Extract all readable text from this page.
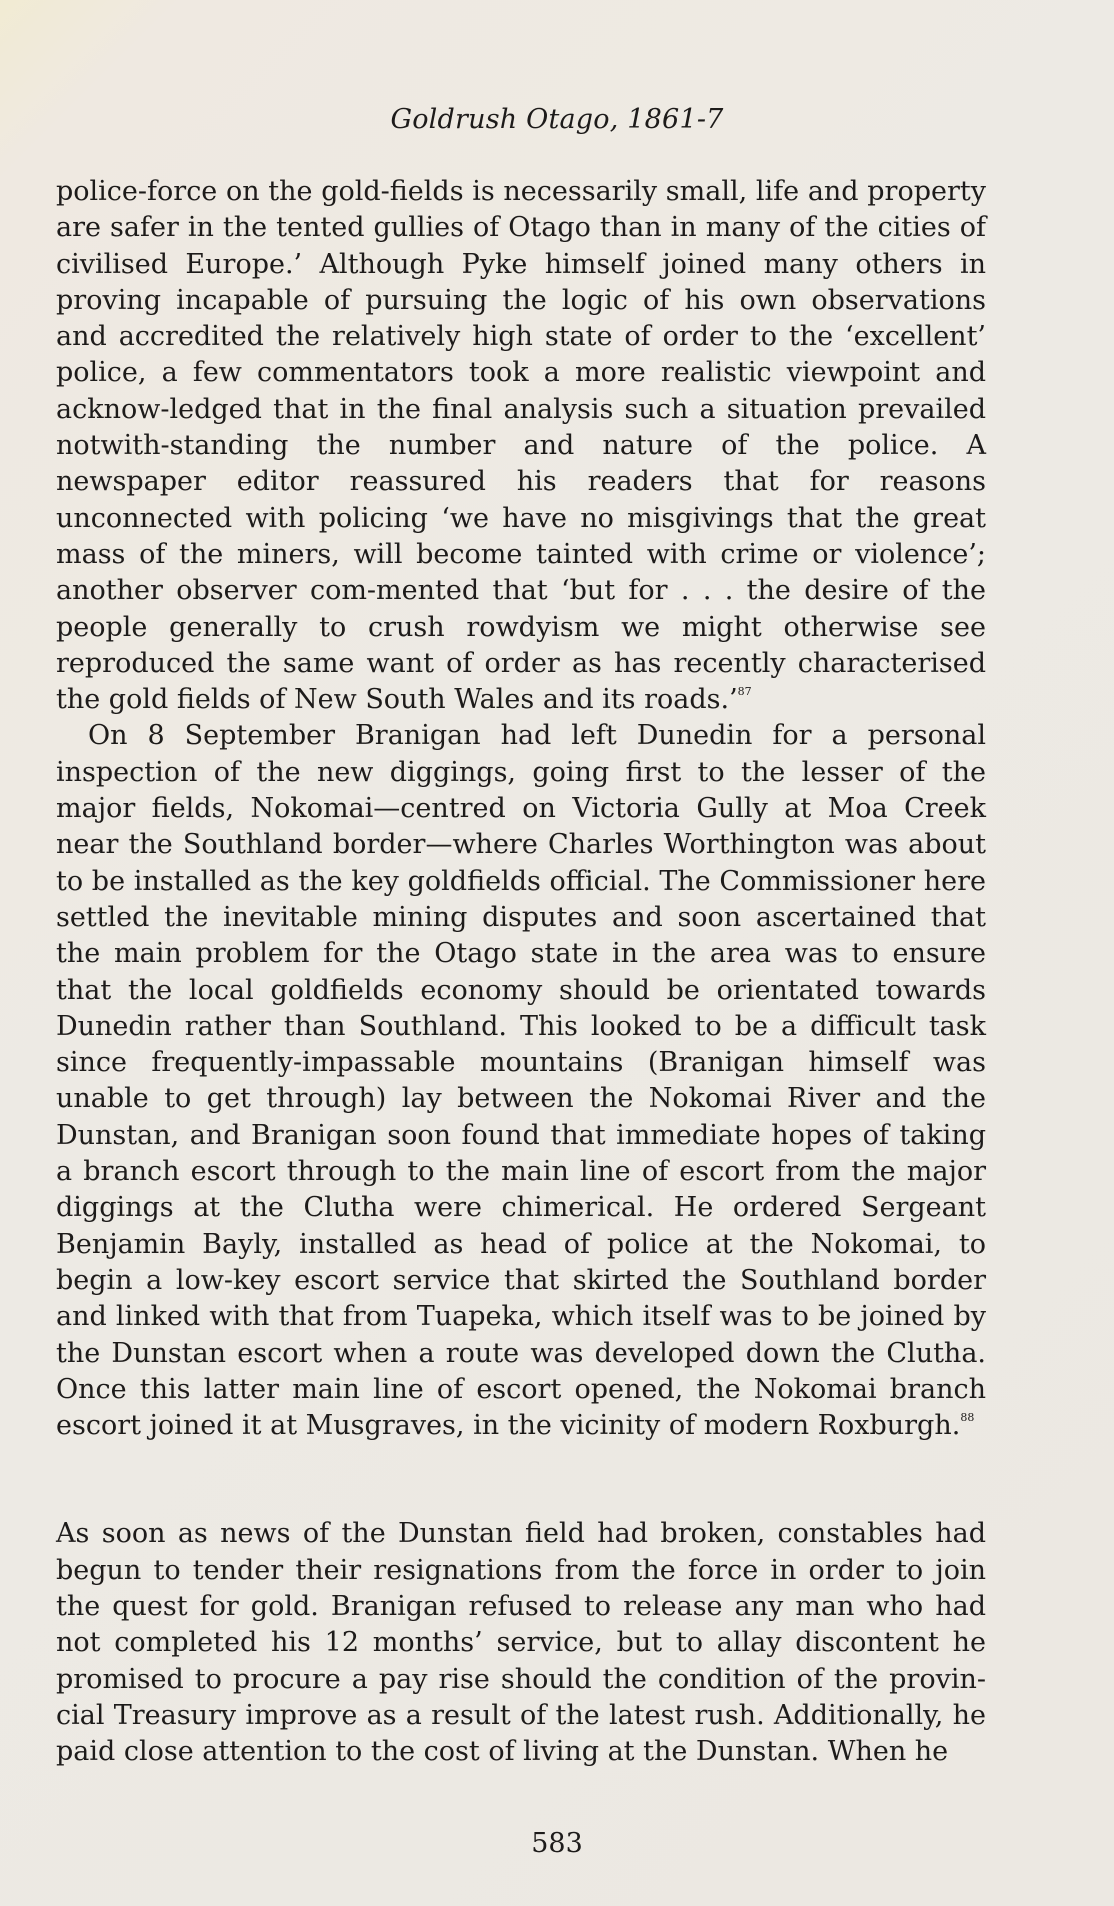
Goldrush Otago, 1861-7

police-force on the gold-fields is necessarily small, life and property are safer in the tented gullies of Otago than in many of the cities of civilised Europe.’ Although Pyke himself joined many others in proving incapable of pursuing the logic of his own observations and accredited the relatively high state of order to the ‘excellent’ police, a few commentators took a more realistic viewpoint and acknow-ledged that in the final analysis such a situation prevailed notwith-standing the number and nature of the police. A newspaper editor reassured his readers that for reasons unconnected with policing ‘we have no misgivings that the great mass of the miners, will become tainted with crime or violence’; another observer com-mented that ‘but for . . . the desire of the people generally to crush rowdyism we might otherwise see reproduced the same want of order as has recently characterised the gold fields of New South Wales and its roads.’$^{87}$

On 8 September Branigan had left Dunedin for a personal inspection of the new diggings, going first to the lesser of the major fields, Nokomai—centred on Victoria Gully at Moa Creek near the Southland border—where Charles Worthington was about to be installed as the key goldfields official. The Commissioner here settled the inevitable mining disputes and soon ascertained that the main problem for the Otago state in the area was to ensure that the local goldfields economy should be orientated towards Dunedin rather than Southland. This looked to be a difficult task since frequently-impassable mountains (Branigan himself was unable to get through) lay between the Nokomai River and the Dunstan, and Branigan soon found that immediate hopes of taking a branch escort through to the main line of escort from the major diggings at the Clutha were chimerical. He ordered Sergeant Benjamin Bayly, installed as head of police at the Nokomai, to begin a low-key escort service that skirted the Southland border and linked with that from Tuapeka, which itself was to be joined by the Dunstan escort when a route was developed down the Clutha. Once this latter main line of escort opened, the Nokomai branch escort joined it at Musgraves, in the vicinity of modern Roxburgh.$^{88}$

As soon as news of the Dunstan field had broken, constables had begun to tender their resignations from the force in order to join the quest for gold. Branigan refused to release any man who had not completed his 12 months’ service, but to allay discontent he promised to procure a pay rise should the condition of the provin-cial Treasury improve as a result of the latest rush. Additionally, he paid close attention to the cost of living at the Dunstan. When he

583
